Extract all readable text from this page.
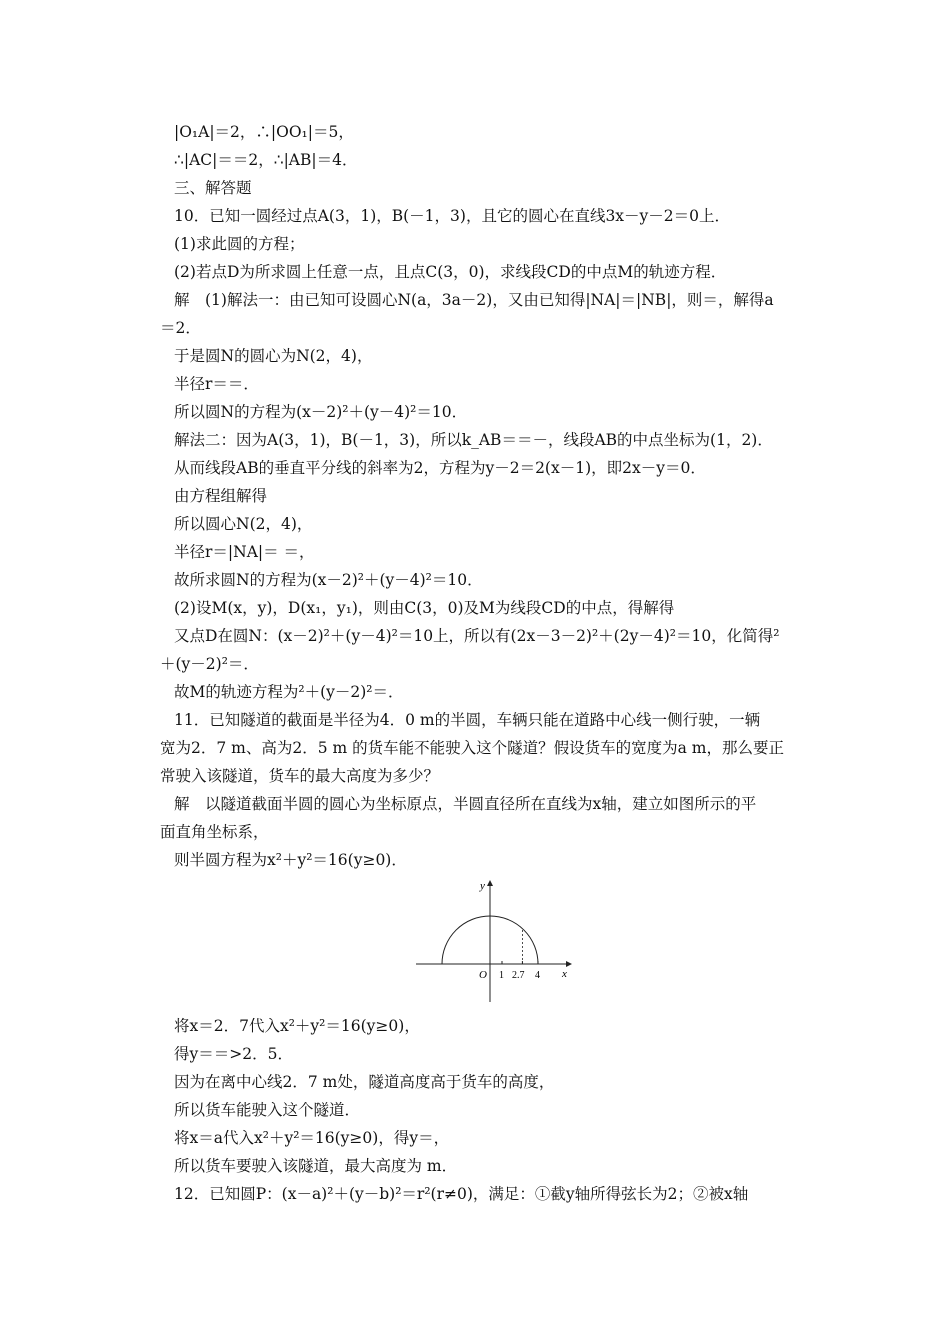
|O₁A|＝2，∴|OO₁|＝5，
∴|AC|＝＝2，∴|AB|＝4．
三、解答题
10．已知一圆经过点A(3，1)，B(－1，3)，且它的圆心在直线3x－y－2＝0上．
(1)求此圆的方程；
(2)若点D为所求圆上任意一点，且点C(3，0)，求线段CD的中点M的轨迹方程．
解　(1)解法一：由已知可设圆心N(a，3a－2)，又由已知得|NA|＝|NB|，则＝，解得a
＝2．
于是圆N的圆心为N(2，4)，
半径r＝＝．
所以圆N的方程为(x－2)²＋(y－4)²＝10．
解法二：因为A(3，1)，B(－1，3)，所以k_AB＝＝－，线段AB的中点坐标为(1，2)．
从而线段AB的垂直平分线的斜率为2，方程为y－2＝2(x－1)，即2x－y＝0．
由方程组解得
所以圆心N(2，4)，
半径r＝|NA|＝ ＝，
故所求圆N的方程为(x－2)²＋(y－4)²＝10．
(2)设M(x，y)，D(x₁，y₁)，则由C(3，0)及M为线段CD的中点，得解得
又点D在圆N：(x－2)²＋(y－4)²＝10上，所以有(2x－3－2)²＋(2y－4)²＝10，化简得²
＋(y－2)²＝．
故M的轨迹方程为²＋(y－2)²＝．
11．已知隧道的截面是半径为4．0 m的半圆，车辆只能在道路中心线一侧行驶，一辆
宽为2．7 m、高为2．5 m 的货车能不能驶入这个隧道？假设货车的宽度为a m，那么要正
常驶入该隧道，货车的最大高度为多少？
解　以隧道截面半圆的圆心为坐标原点，半圆直径所在直线为x轴，建立如图所示的平
面直角坐标系，
则半圆方程为x²＋y²＝16(y≥0)．
y
x
O 1 2.7 4
将x＝2．7代入x²＋y²＝16(y≥0)，
得y＝＝>2．5．
因为在离中心线2．7 m处，隧道高度高于货车的高度，
所以货车能驶入这个隧道．
将x＝a代入x²＋y²＝16(y≥0)，得y＝，
所以货车要驶入该隧道，最大高度为 m．
12．已知圆P：(x－a)²＋(y－b)²＝r²(r≠0)，满足：①截y轴所得弦长为2；②被x轴
